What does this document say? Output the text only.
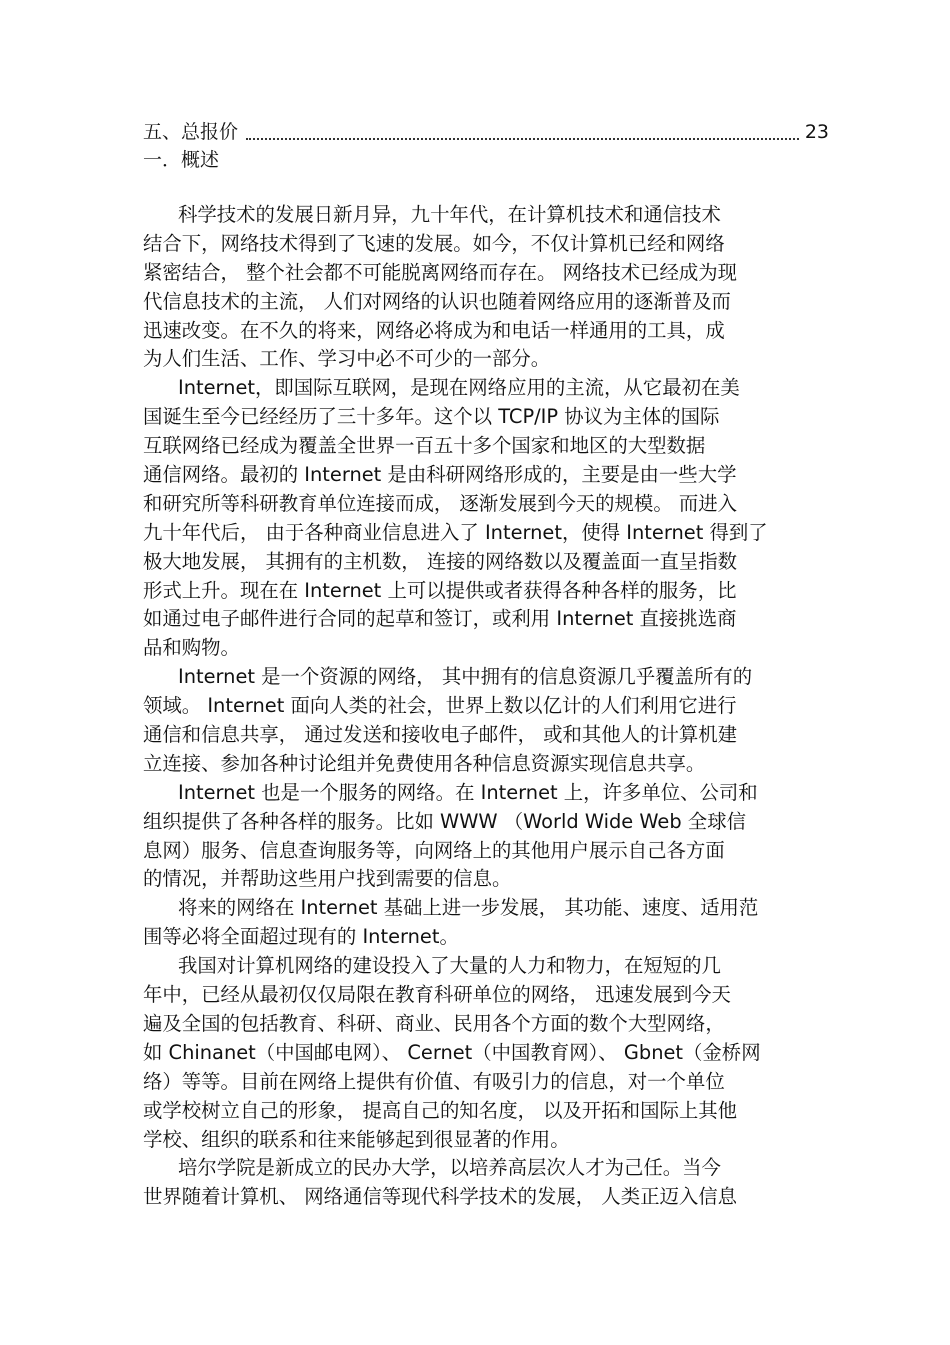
五、总报价	23
一．概述
科学技术的发展日新月异，九十年代，在计算机技术和通信技术
结合下，网络技术得到了飞速的发展。如今，不仅计算机已经和网络
紧密结合， 整个社会都不可能脱离网络而存在。 网络技术已经成为现
代信息技术的主流， 人们对网络的认识也随着网络应用的逐渐普及而
迅速改变。在不久的将来，网络必将成为和电话一样通用的工具，成
为人们生活、工作、学习中必不可少的一部分。
Internet，即国际互联网，是现在网络应用的主流，从它最初在美
国诞生至今已经经历了三十多年。这个以 TCP/IP 协议为主体的国际
互联网络已经成为覆盖全世界一百五十多个国家和地区的大型数据
通信网络。最初的 Internet 是由科研网络形成的，主要是由一些大学
和研究所等科研教育单位连接而成， 逐渐发展到今天的规模。 而进入
九十年代后， 由于各种商业信息进入了 Internet，使得 Internet 得到了
极大地发展， 其拥有的主机数， 连接的网络数以及覆盖面一直呈指数
形式上升。现在在 Internet 上可以提供或者获得各种各样的服务，比
如通过电子邮件进行合同的起草和签订，或利用 Internet 直接挑选商
品和购物。
Internet 是一个资源的网络， 其中拥有的信息资源几乎覆盖所有的
领域。 Internet 面向人类的社会，世界上数以亿计的人们利用它进行
通信和信息共享， 通过发送和接收电子邮件， 或和其他人的计算机建
立连接、参加各种讨论组并免费使用各种信息资源实现信息共享。
Internet 也是一个服务的网络。在 Internet 上，许多单位、公司和
组织提供了各种各样的服务。比如 WWW （World Wide Web 全球信
息网）服务、信息查询服务等，向网络上的其他用户展示自己各方面
的情况，并帮助这些用户找到需要的信息。
将来的网络在 Internet 基础上进一步发展， 其功能、速度、适用范
围等必将全面超过现有的 Internet。
我国对计算机网络的建设投入了大量的人力和物力，在短短的几
年中，已经从最初仅仅局限在教育科研单位的网络， 迅速发展到今天
遍及全国的包括教育、科研、商业、民用各个方面的数个大型网络，
如 Chinanet（中国邮电网）、 Cernet（中国教育网）、 Gbnet（金桥网
络）等等。目前在网络上提供有价值、有吸引力的信息，对一个单位
或学校树立自己的形象， 提高自己的知名度， 以及开拓和国际上其他
学校、组织的联系和往来能够起到很显著的作用。
培尔学院是新成立的民办大学，以培养高层次人才为己任。当今
世界随着计算机、 网络通信等现代科学技术的发展， 人类正迈入信息
